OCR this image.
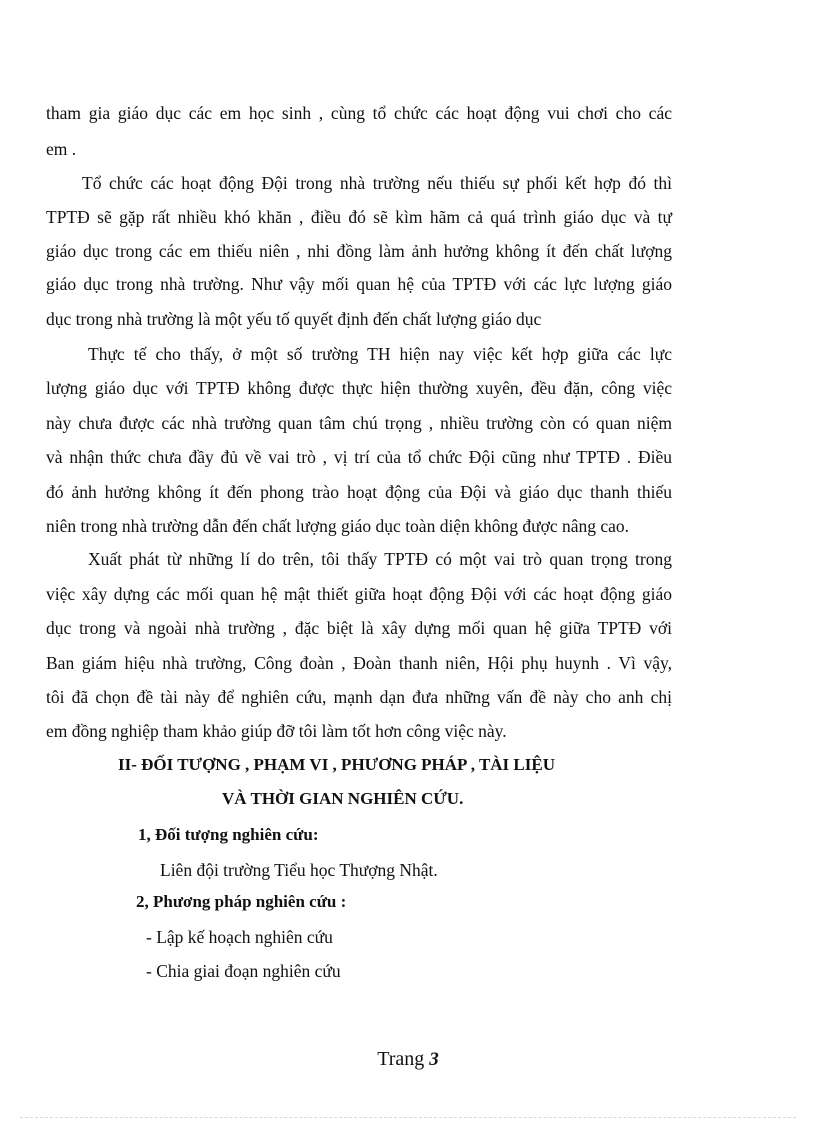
tham gia giáo dục các em học sinh , cùng tổ chức các hoạt động vui chơi cho các
em .
Tổ chức các hoạt động Đội trong nhà trường nếu thiếu sự phối kết hợp đó thì
TPTĐ sẽ gặp rất nhiều khó khăn , điều đó sẽ kìm hãm cả quá trình giáo dục và tự
giáo dục trong các em thiếu niên , nhi đồng làm ảnh hưởng không ít đến chất lượng
giáo dục trong nhà trường. Như vậy mối quan hệ của TPTĐ với các lực lượng giáo
dục trong nhà trường là một yếu tố quyết định đến chất lượng giáo dục
Thực tế cho thấy, ở một số trường TH hiện nay việc kết hợp giữa các lực
lượng giáo dục với TPTĐ không được thực hiện thường xuyên, đều đặn, công việc
này chưa được các nhà trường quan tâm chú trọng , nhiều trường còn có quan niệm
và nhận thức chưa đầy đủ về vai trò , vị trí của tổ chức Đội cũng như TPTĐ . Điều
đó ảnh hưởng không ít đến phong trào hoạt động của Đội và giáo dục thanh thiếu
niên trong nhà trường dẫn đến chất lượng giáo dục toàn diện không được nâng cao.
Xuất phát từ những lí do trên, tôi thấy TPTĐ có một vai trò quan trọng trong
việc xây dựng các mối quan hệ mật thiết giữa hoạt động Đội với các hoạt động giáo
dục trong và ngoài nhà trường , đặc biệt là xây dựng mối quan hệ giữa TPTĐ với
Ban giám hiệu nhà trường, Công đoàn , Đoàn thanh niên, Hội phụ huynh . Vì vậy,
tôi đã chọn đề tài này để nghiên cứu, mạnh dạn đưa những vấn đề này cho anh chị
em đồng nghiệp tham khảo giúp đỡ tôi làm tốt hơn công việc này.
II- ĐỐI TƯỢNG , PHẠM VI , PHƯƠNG PHÁP , TÀI LIỆU
VÀ THỜI GIAN NGHIÊN CỨU.
1, Đối tượng nghiên cứu:
Liên đội trường Tiểu học Thượng Nhật.
2, Phương pháp nghiên cứu :
- Lập kế hoạch nghiên cứu
- Chia giai đoạn nghiên cứu
Trang 3
